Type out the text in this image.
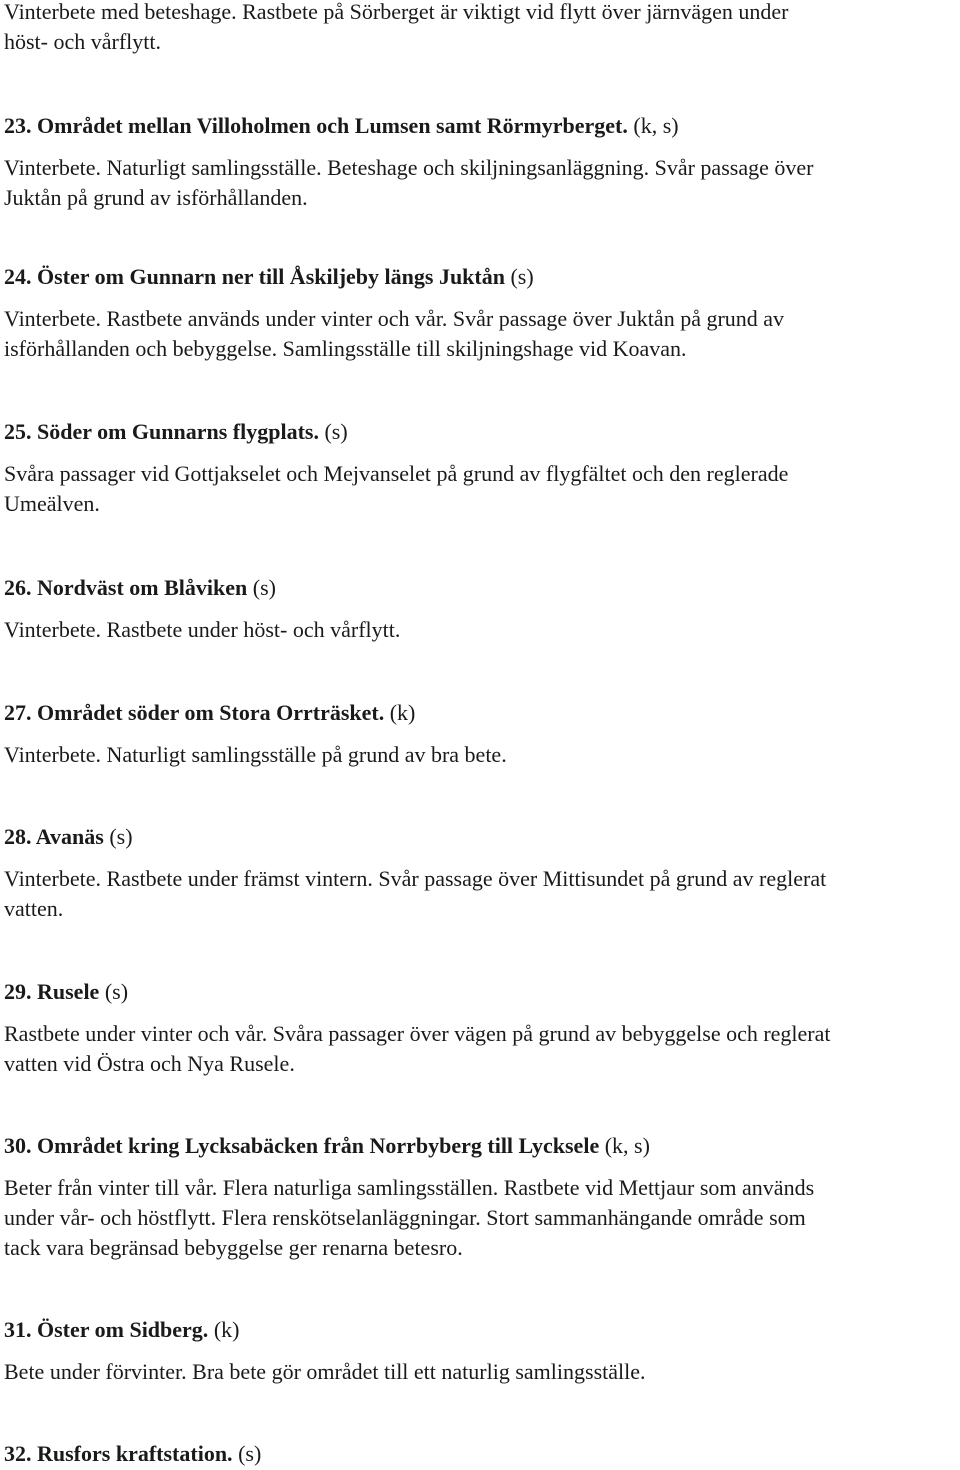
Vinterbete med beteshage. Rastbete på Sörberget är viktigt vid flytt över järnvägen under
höst- och vårflytt.
23. Området mellan Villoholmen och Lumsen samt Rörmyrberget. (k, s)
Vinterbete. Naturligt samlingsställe. Beteshage och skiljningsanläggning. Svår passage över
Juktån på grund av isförhållanden.
24. Öster om Gunnarn ner till Åskiljeby längs Juktån (s)
Vinterbete. Rastbete används under vinter och vår. Svår passage över Juktån på grund av
isförhållanden och bebyggelse. Samlingsställe till skiljningshage vid Koavan.
25. Söder om Gunnarns flygplats. (s)
Svåra passager vid Gottjakselet och Mejvanselet på grund av flygfältet och den reglerade
Umeälven.
26. Nordväst om Blåviken (s)
Vinterbete. Rastbete under höst- och vårflytt.
27. Området söder om Stora Orrträsket. (k)
Vinterbete. Naturligt samlingsställe på grund av bra bete.
28. Avanäs (s)
Vinterbete. Rastbete under främst vintern. Svår passage över Mittisundet på grund av reglerat
vatten.
29. Rusele (s)
Rastbete under vinter och vår. Svåra passager över vägen på grund av bebyggelse och reglerat
vatten vid Östra och Nya Rusele.
30. Området kring Lycksabäcken från Norrbyberg till Lycksele (k, s)
Beter från vinter till vår. Flera naturliga samlingsställen. Rastbete vid Mettjaur som används
under vår- och höstflytt. Flera renskötselanläggningar. Stort sammanhängande område som
tack vara begränsad bebyggelse ger renarna betesro.
31. Öster om Sidberg. (k)
Bete under förvinter. Bra bete gör området till ett naturlig samlingsställe.
32. Rusfors kraftstation. (s)
